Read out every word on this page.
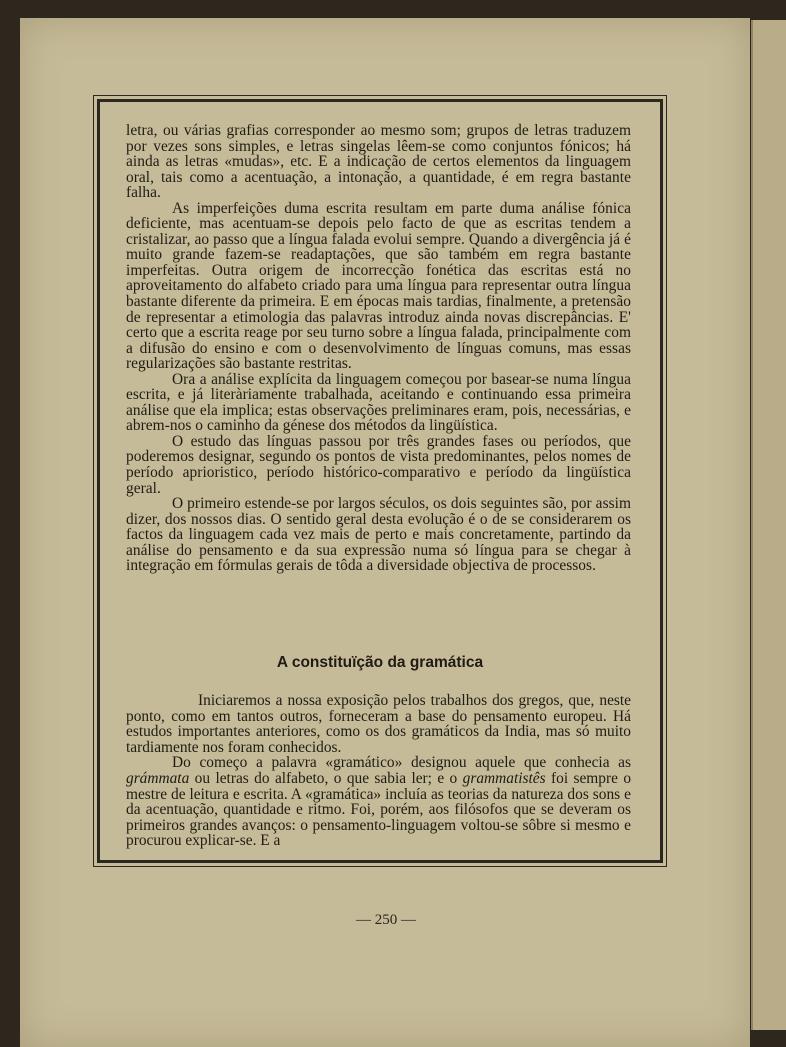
letra, ou várias grafias corresponder ao mesmo som; grupos de letras traduzem por vezes sons simples, e letras singelas lêem-se como conjuntos fónicos; há ainda as letras «mudas», etc. E a indicação de certos elementos da linguagem oral, tais como a acentuação, a intonação, a quantidade, é em regra bastante falha.

As imperfeições duma escrita resultam em parte duma análise fónica deficiente, mas acentuam-se depois pelo facto de que as escritas tendem a cristalizar, ao passo que a língua falada evolui sempre. Quando a divergência já é muito grande fazem-se readaptações, que são também em regra bastante imperfeitas. Outra origem de incorrecção fonética das escritas está no aproveitamento do alfabeto criado para uma língua para representar outra língua bastante diferente da primeira. E em épocas mais tardias, finalmente, a pretensão de representar a etimologia das palavras introduz ainda novas discrepâncias. E' certo que a escrita reage por seu turno sobre a língua falada, principalmente com a difusão do ensino e com o desenvolvimento de línguas comuns, mas essas regularizações são bastante restritas.

Ora a análise explícita da linguagem começou por basear-se numa língua escrita, e já literàriamente trabalhada, aceitando e continuando essa primeira análise que ela implica; estas observações preliminares eram, pois, necessárias, e abrem-nos o caminho da génese dos métodos da lingüística.

O estudo das línguas passou por três grandes fases ou períodos, que poderemos designar, segundo os pontos de vista predominantes, pelos nomes de período aprioristico, período histórico-comparativo e período da lingüística geral.

O primeiro estende-se por largos séculos, os dois seguintes são, por assim dizer, dos nossos dias. O sentido geral desta evolução é o de se considerarem os factos da linguagem cada vez mais de perto e mais concretamente, partindo da análise do pensamento e da sua expressão numa só língua para se chegar à integração em fórmulas gerais de tôda a diversidade objectiva de processos.

A constituïção da gramática

Iniciaremos a nossa exposição pelos trabalhos dos gregos, que, neste ponto, como em tantos outros, forneceram a base do pensamento europeu. Há estudos importantes anteriores, como os dos gramáticos da India, mas só muito tardiamente nos foram conhecidos.

Do começo a palavra «gramático» designou aquele que conhecia as grámmata ou letras do alfabeto, o que sabia ler; e o grammatistês foi sempre o mestre de leitura e escrita. A «gramática» incluía as teorias da natureza dos sons e da acentuação, quantidade e ritmo. Foi, porém, aos filósofos que se deveram os primeiros grandes avanços: o pensamento-linguagem voltou-se sôbre si mesmo e procurou explicar-se. E a

— 250 —
